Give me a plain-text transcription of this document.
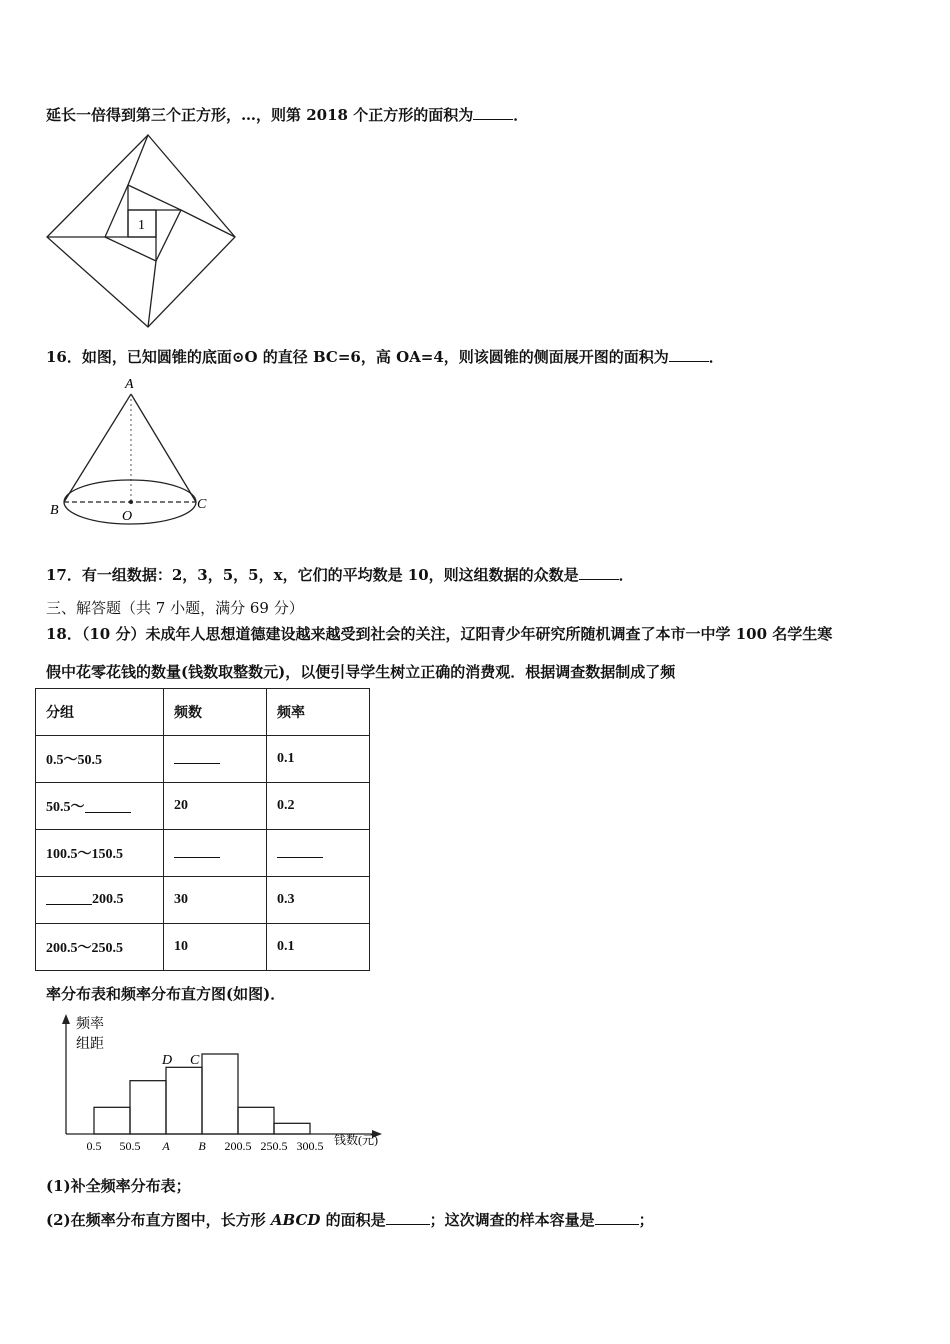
延长一倍得到第三个正方形，…，则第 2018 个正方形的面积为	．
1
16．如图，已知圆锥的底面⊙O 的直径 BC=6，高 OA=4，则该圆锥的侧面展开图的面积为	．
A
B	C
O
17．有一组数据：2，3，5，5，x，它们的平均数是 10，则这组数据的众数是	．
三、解答题（共 7 小题，满分 69 分）
18．（10 分）未成年人思想道德建设越来越受到社会的关注，辽阳青少年研究所随机调查了本市一中学 100 名学生寒
假中花零花钱的数量(钱数取整数元)，以便引导学生树立正确的消费观．根据调查数据制成了频
分组	频数	频率
0.5～50.5		0.1
50.5～	20	0.2
100.5～150.5		
200.5	30	0.3
200.5～250.5	10	0.1
率分布表和频率分布直方图(如图)．
频率
组距
钱数(元)
0.5 50.5 A B 200.5 250.5 300.5
D C
(1)补全频率分布表；
(2)在频率分布直方图中，长方形 ABCD 的面积是	；这次调查的样本容量是	；
